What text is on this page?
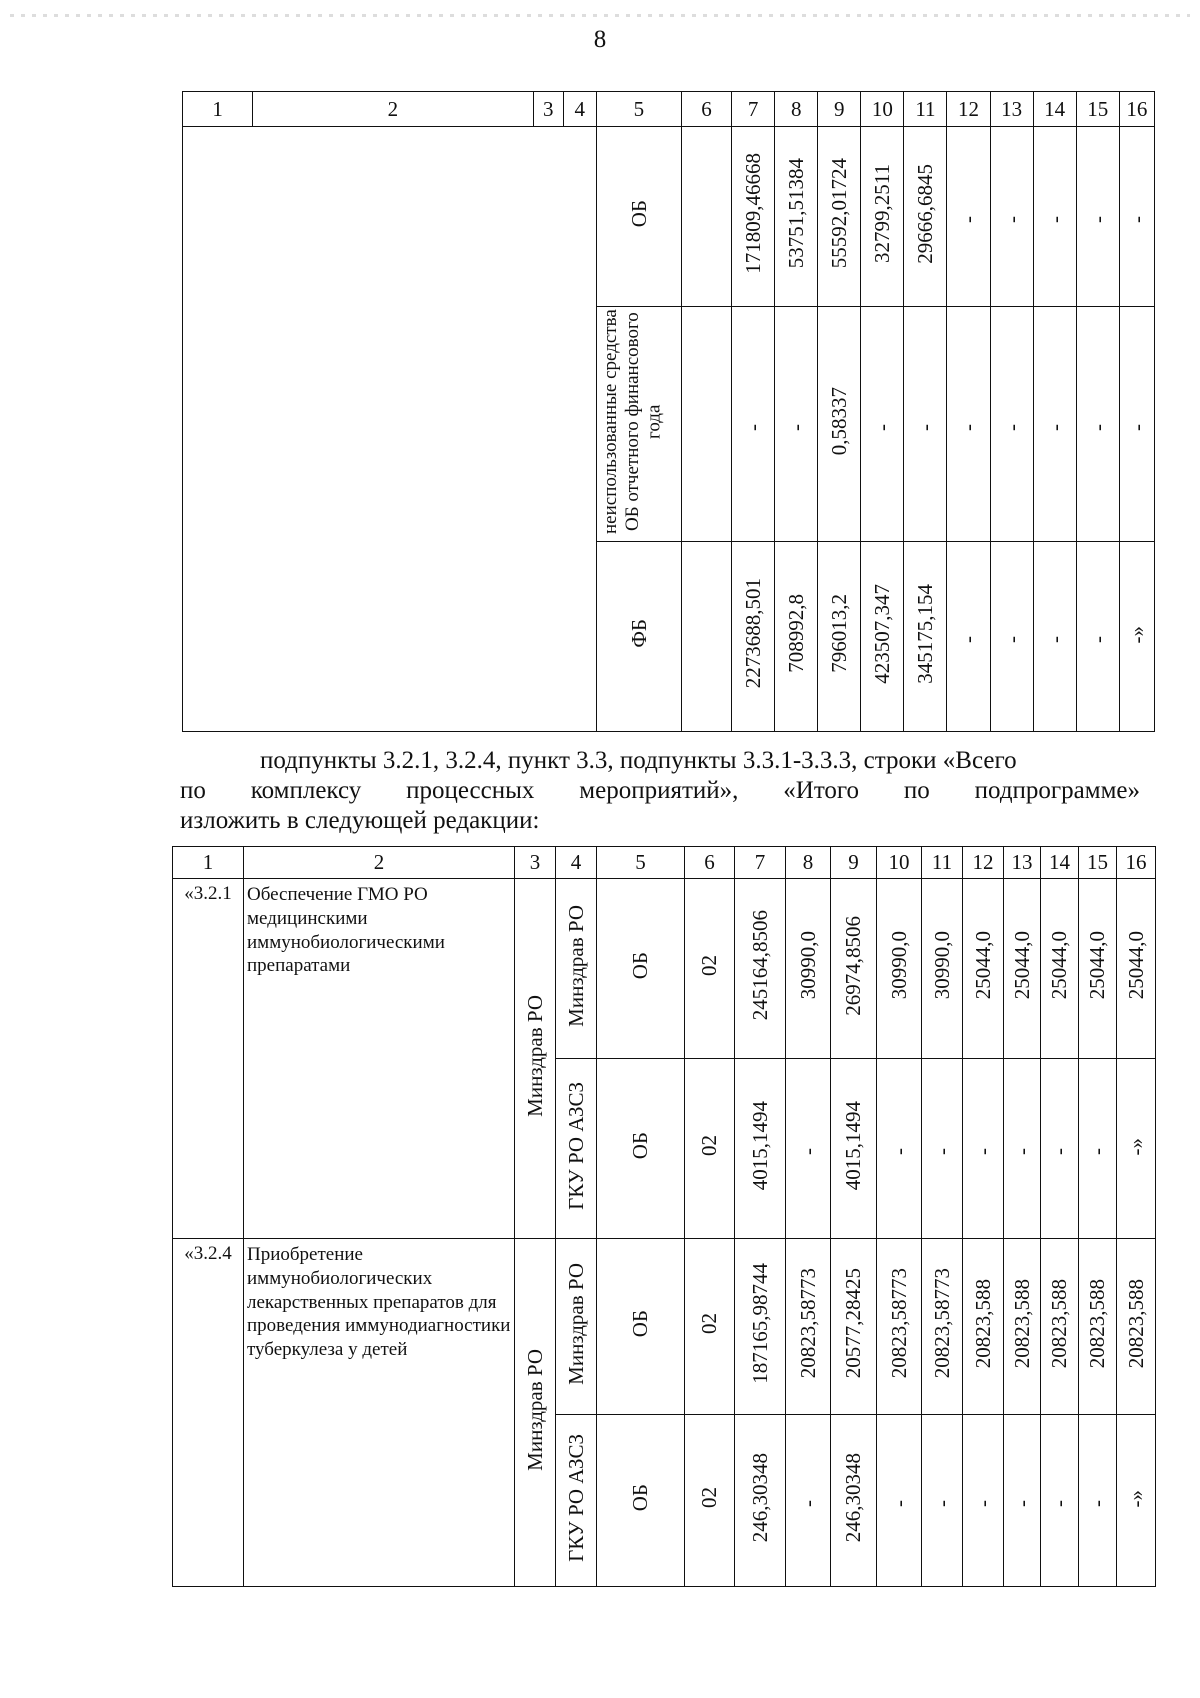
8
1	2	3	4	5	6	7	8	9	10	11	12	13	14	15	16
				ОБ		171809,46668	53751,51384	55592,01724	32799,2511	29666,6845	-	-	-	-	-
				неиспользованные средства ОБ отчетного финансового года		-	-	0,58337	-	-	-	-	-	-	-
				ФБ		2273688,501	708992,8	796013,2	423507,347	345175,154	-	-	-	-	-»
подпункты 3.2.1, 3.2.4, пункт 3.3, подпункты 3.3.1-3.3.3, строки «Всего
по комплексу процессных мероприятий», «Итого по подпрограмме»
изложить в следующей редакции:
1	2	3	4	5	6	7	8	9	10	11	12	13	14	15	16
«3.2.1	Обеспечение ГМО РО медицинскими иммунобиологическими препаратами	Минздрав РО	Минздрав РО	ОБ	02	245164,8506	30990,0	26974,8506	30990,0	30990,0	25044,0	25044,0	25044,0	25044,0	25044,0
			ГКУ РО АЗСЗ	ОБ	02	4015,1494	-	4015,1494	-	-	-	-	-	-	-»
«3.2.4	Приобретение иммунобиологических лекарственных препаратов для проведения иммунодиагностики туберкулеза у детей	Минздрав РО	Минздрав РО	ОБ	02	187165,98744	20823,58773	20577,28425	20823,58773	20823,58773	20823,588	20823,588	20823,588	20823,588	20823,588
			ГКУ РО АЗСЗ	ОБ	02	246,30348	-	246,30348	-	-	-	-	-	-	-»
